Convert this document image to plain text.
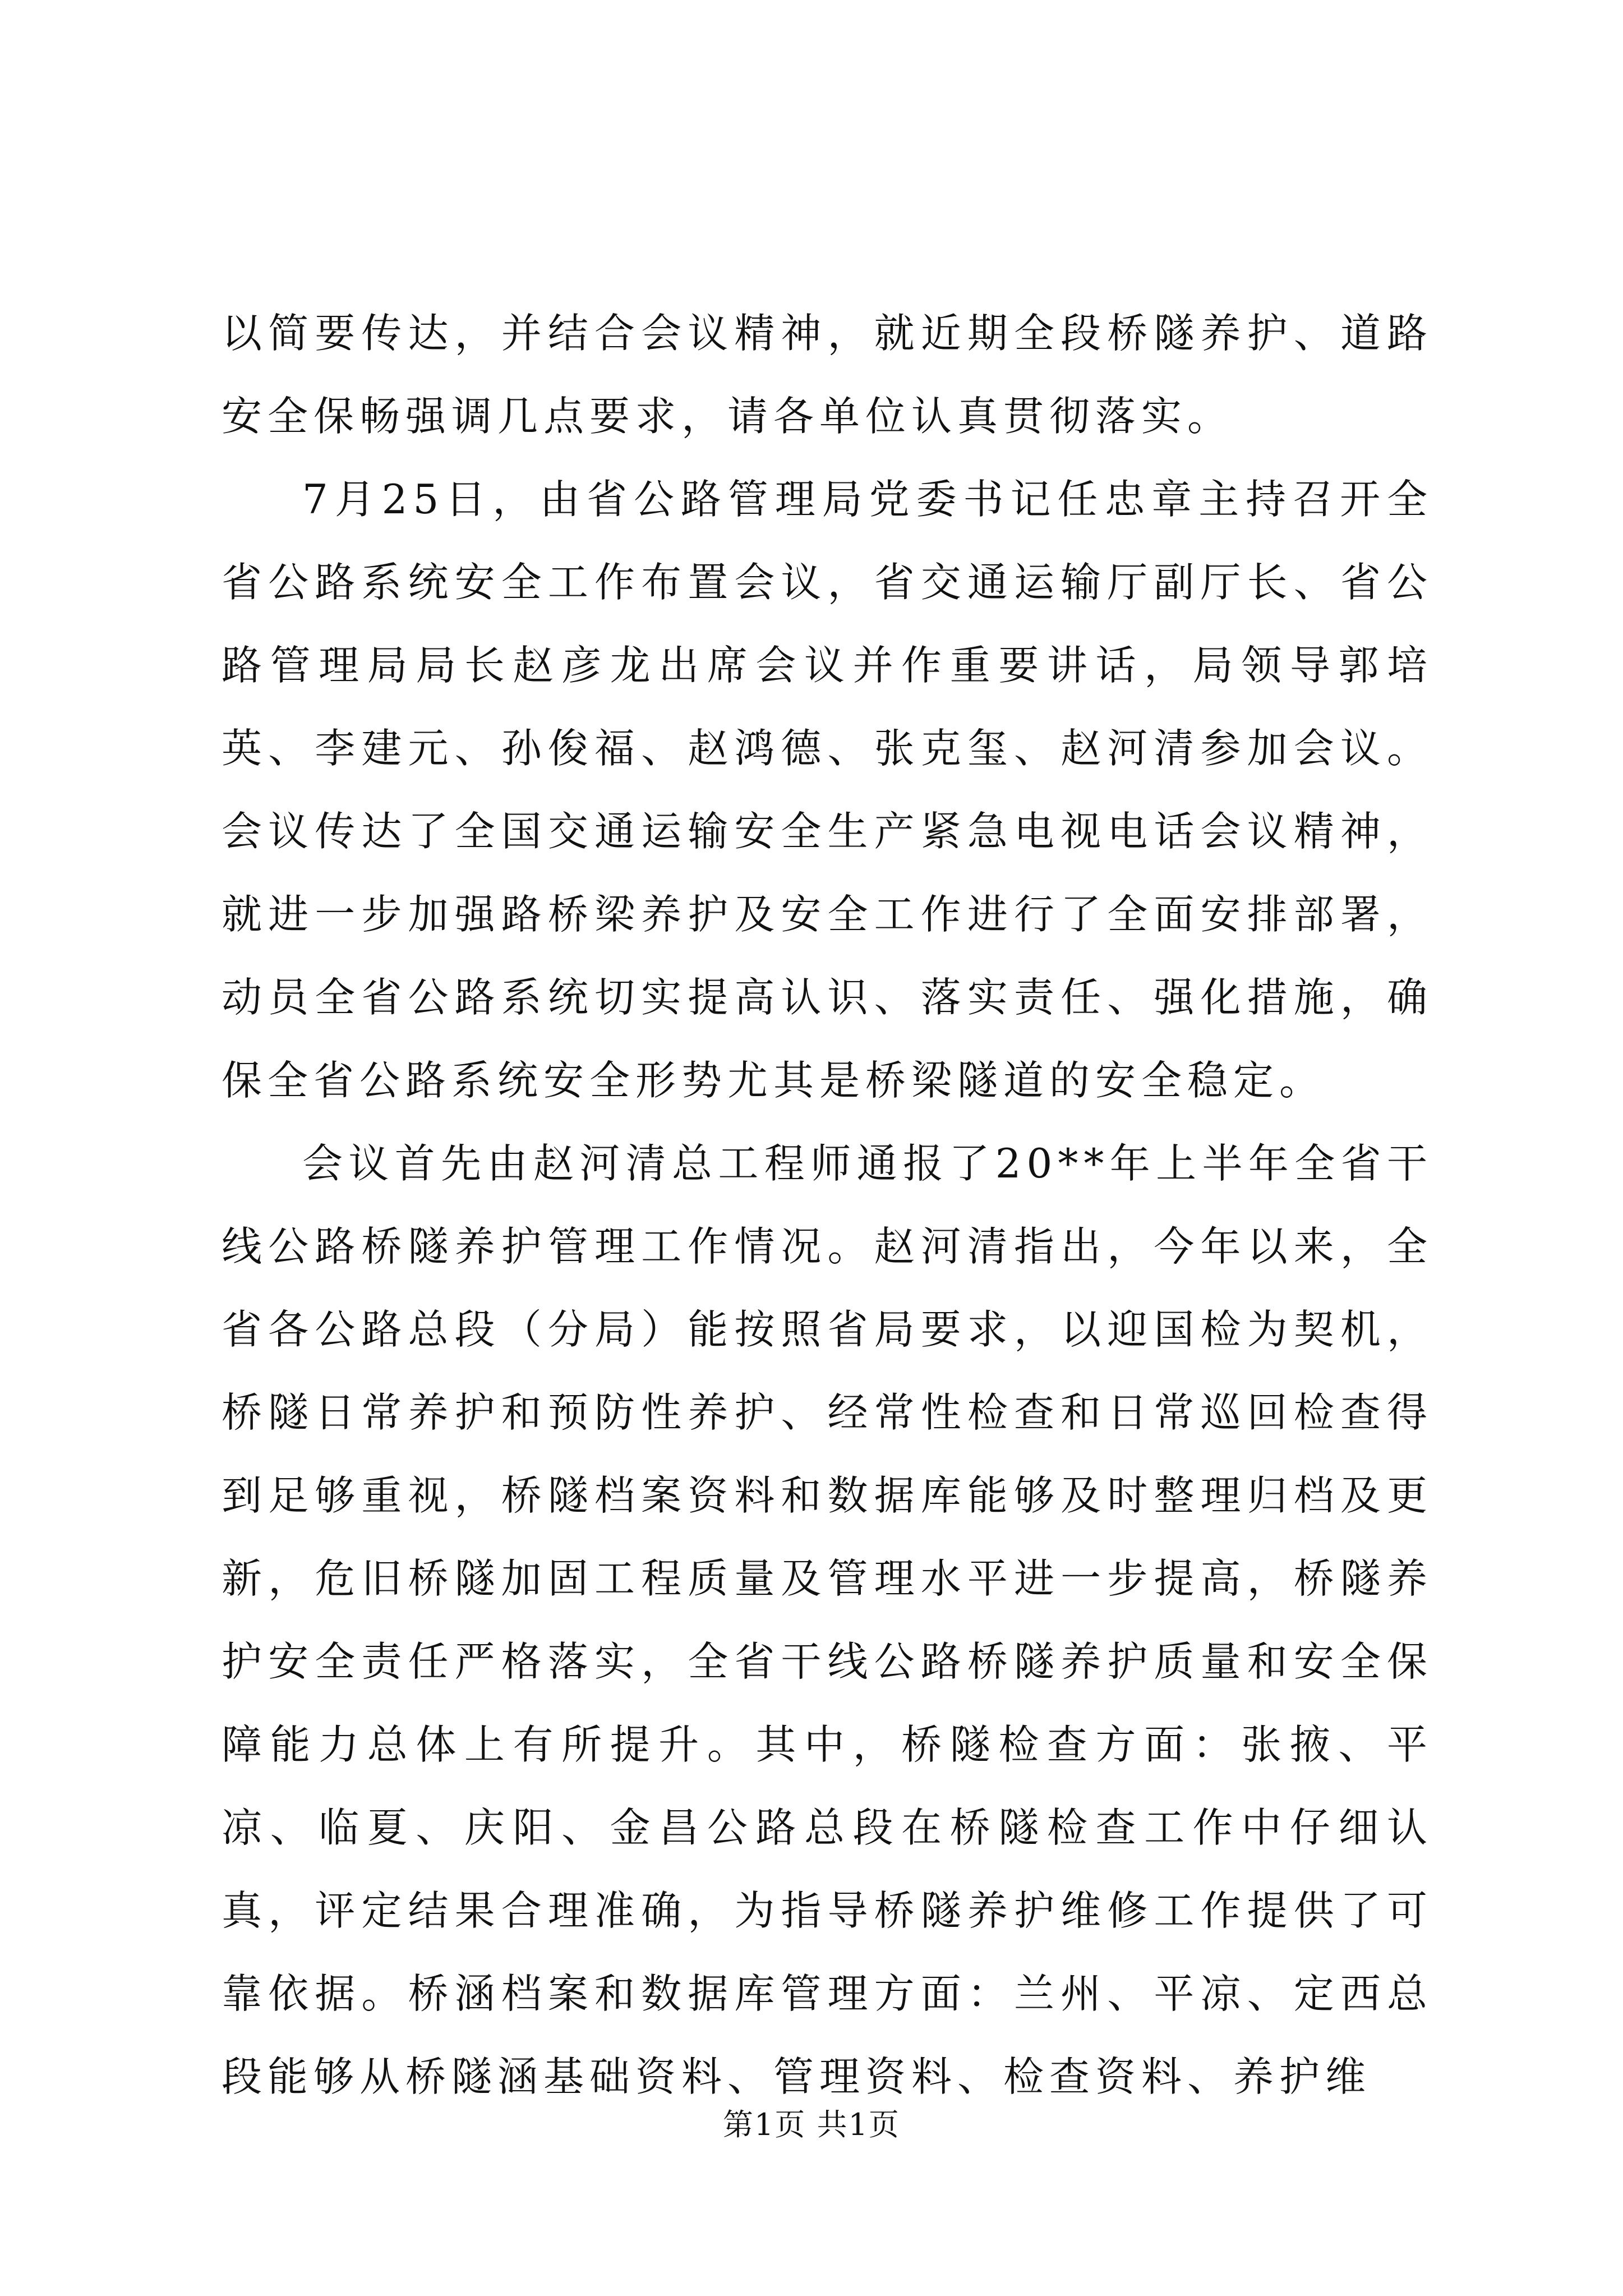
以简要传达，并结合会议精神，就近期全段桥隧养护、道路安全保畅强调几点要求，请各单位认真贯彻落实。

7月25日，由省公路管理局党委书记任忠章主持召开全省公路系统安全工作布置会议，省交通运输厅副厅长、省公路管理局局长赵彦龙出席会议并作重要讲话，局领导郭培英、李建元、孙俊福、赵鸿德、张克玺、赵河清参加会议。会议传达了全国交通运输安全生产紧急电视电话会议精神，就进一步加强路桥梁养护及安全工作进行了全面安排部署，动员全省公路系统切实提高认识、落实责任、强化措施，确保全省公路系统安全形势尤其是桥梁隧道的安全稳定。

会议首先由赵河清总工程师通报了20**年上半年全省干线公路桥隧养护管理工作情况。赵河清指出，今年以来，全省各公路总段（分局）能按照省局要求，以迎国检为契机，桥隧日常养护和预防性养护、经常性检查和日常巡回检查得到足够重视，桥隧档案资料和数据库能够及时整理归档及更新，危旧桥隧加固工程质量及管理水平进一步提高，桥隧养护安全责任严格落实，全省干线公路桥隧养护质量和安全保障能力总体上有所提升。其中，桥隧检查方面：张掖、平凉、临夏、庆阳、金昌公路总段在桥隧检查工作中仔细认真，评定结果合理准确，为指导桥隧养护维修工作提供了可靠依据。桥涵档案和数据库管理方面：兰州、平凉、定西总段能够从桥隧涵基础资料、管理资料、检查资料、养护维

第1页 共1页
